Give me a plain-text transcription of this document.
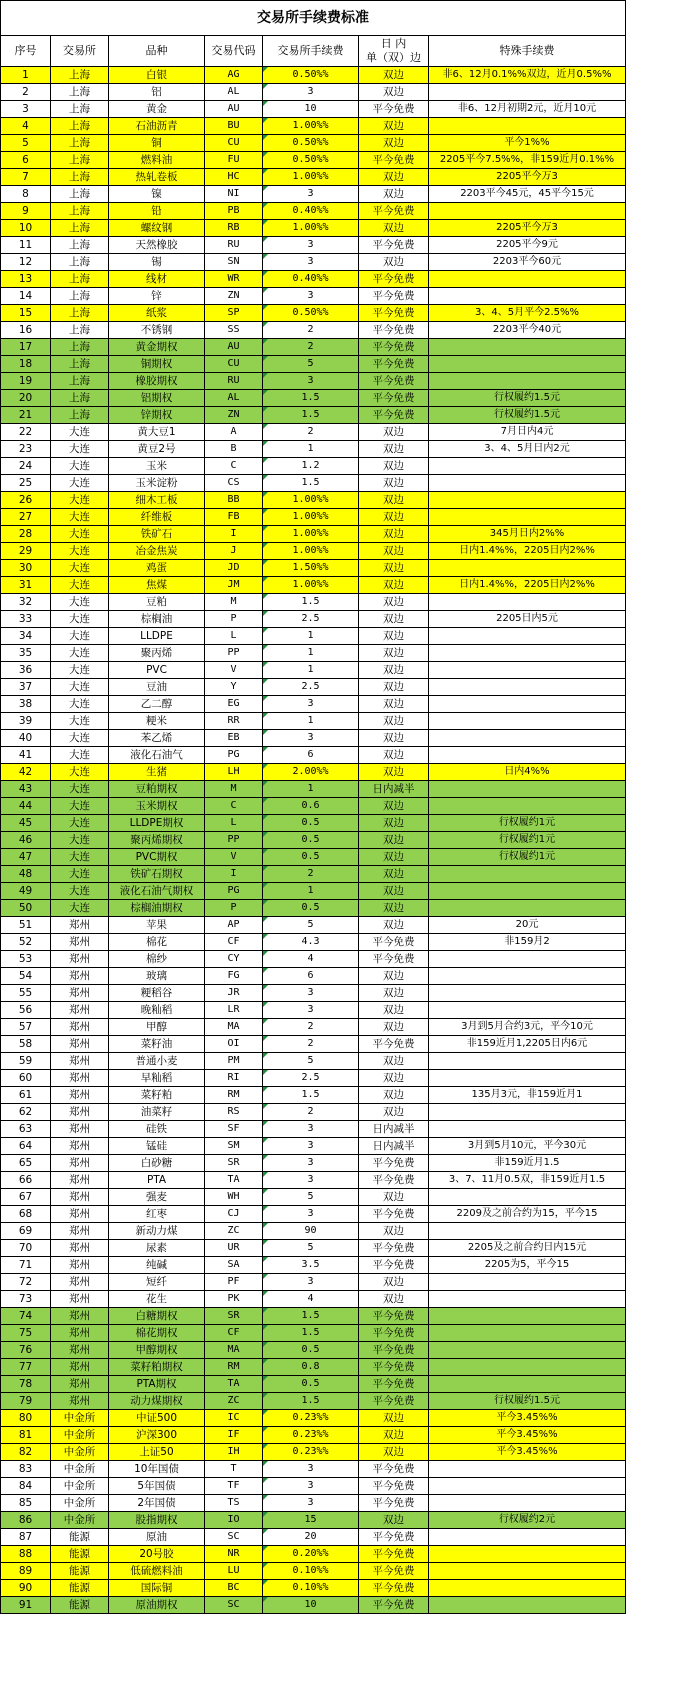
交易所手续费标准						
序号	交易所	品种	交易代码	交易所手续费	日 内
单（双）边	特殊手续费
1	上海	白银	AG	0.50%%	双边	非6、12月0.1%%双边，近月0.5%%
2	上海	铝	AL	3	双边	
3	上海	黄金	AU	10	平今免费	非6、12月初期2元，近月10元
4	上海	石油沥青	BU	1.00%%	双边	
5	上海	铜	CU	0.50%%	双边	平今1%%
6	上海	燃料油	FU	0.50%%	平今免费	2205平今7.5%%，非159近月0.1%%
7	上海	热轧卷板	HC	1.00%%	双边	2205平今万3
8	上海	镍	NI	3	双边	2203平今45元，45平今15元
9	上海	铅	PB	0.40%%	平今免费	
10	上海	螺纹钢	RB	1.00%%	双边	2205平今万3
11	上海	天然橡胶	RU	3	平今免费	2205平今9元
12	上海	锡	SN	3	双边	2203平今60元
13	上海	线材	WR	0.40%%	平今免费	
14	上海	锌	ZN	3	平今免费	
15	上海	纸浆	SP	0.50%%	平今免费	3、4、5月平今2.5%%
16	上海	不锈钢	SS	2	平今免费	2203平今40元
17	上海	黄金期权	AU	2	平今免费	
18	上海	铜期权	CU	5	平今免费	
19	上海	橡胶期权	RU	3	平今免费	
20	上海	铝期权	AL	1.5	平今免费	行权履约1.5元
21	上海	锌期权	ZN	1.5	平今免费	行权履约1.5元
22	大连	黄大豆1	A	2	双边	7月日内4元
23	大连	黄豆2号	B	1	双边	3、4、5月日内2元
24	大连	玉米	C	1.2	双边	
25	大连	玉米淀粉	CS	1.5	双边	
26	大连	细木工板	BB	1.00%%	双边	
27	大连	纤维板	FB	1.00%%	双边	
28	大连	铁矿石	I	1.00%%	双边	345月日内2%%
29	大连	冶金焦炭	J	1.00%%	双边	日内1.4%%，2205日内2%%
30	大连	鸡蛋	JD	1.50%%	双边	
31	大连	焦煤	JM	1.00%%	双边	日内1.4%%，2205日内2%%
32	大连	豆粕	M	1.5	双边	
33	大连	棕榈油	P	2.5	双边	2205日内5元
34	大连	LLDPE	L	1	双边	
35	大连	聚丙烯	PP	1	双边	
36	大连	PVC	V	1	双边	
37	大连	豆油	Y	2.5	双边	
38	大连	乙二醇	EG	3	双边	
39	大连	粳米	RR	1	双边	
40	大连	苯乙烯	EB	3	双边	
41	大连	液化石油气	PG	6	双边	
42	大连	生猪	LH	2.00%%	双边	日内4%%
43	大连	豆粕期权	M	1	日内减半	
44	大连	玉米期权	C	0.6	双边	
45	大连	LLDPE期权	L	0.5	双边	行权履约1元
46	大连	聚丙烯期权	PP	0.5	双边	行权履约1元
47	大连	PVC期权	V	0.5	双边	行权履约1元
48	大连	铁矿石期权	I	2	双边	
49	大连	液化石油气期权	PG	1	双边	
50	大连	棕榈油期权	P	0.5	双边	
51	郑州	苹果	AP	5	双边	20元
52	郑州	棉花	CF	4.3	平今免费	非159月2
53	郑州	棉纱	CY	4	平今免费	
54	郑州	玻璃	FG	6	双边	
55	郑州	粳稻谷	JR	3	双边	
56	郑州	晚籼稻	LR	3	双边	
57	郑州	甲醇	MA	2	双边	3月到5月合约3元，平今10元
58	郑州	菜籽油	OI	2	平今免费	非159近月1,2205日内6元
59	郑州	普通小麦	PM	5	双边	
60	郑州	早籼稻	RI	2.5	双边	
61	郑州	菜籽粕	RM	1.5	双边	135月3元，非159近月1
62	郑州	油菜籽	RS	2	双边	
63	郑州	硅铁	SF	3	日内减半	
64	郑州	锰硅	SM	3	日内减半	3月到5月10元，平今30元
65	郑州	白砂糖	SR	3	平今免费	非159近月1.5
66	郑州	PTA	TA	3	平今免费	3、7、11月0.5双，非159近月1.5
67	郑州	强麦	WH	5	双边	
68	郑州	红枣	CJ	3	平今免费	2209及之前合约为15，平今15
69	郑州	新动力煤	ZC	90	双边	
70	郑州	尿素	UR	5	平今免费	2205及之前合约日内15元
71	郑州	纯碱	SA	3.5	平今免费	2205为5，平今15
72	郑州	短纤	PF	3	双边	
73	郑州	花生	PK	4	双边	
74	郑州	白糖期权	SR	1.5	平今免费	
75	郑州	棉花期权	CF	1.5	平今免费	
76	郑州	甲醇期权	MA	0.5	平今免费	
77	郑州	菜籽粕期权	RM	0.8	平今免费	
78	郑州	PTA期权	TA	0.5	平今免费	
79	郑州	动力煤期权	ZC	1.5	平今免费	行权履约1.5元
80	中金所	中证500	IC	0.23%%	双边	平今3.45%%
81	中金所	沪深300	IF	0.23%%	双边	平今3.45%%
82	中金所	上证50	IH	0.23%%	双边	平今3.45%%
83	中金所	10年国债	T	3	平今免费	
84	中金所	5年国债	TF	3	平今免费	
85	中金所	2年国债	TS	3	平今免费	
86	中金所	股指期权	IO	15	双边	行权履约2元
87	能源	原油	SC	20	平今免费	
88	能源	20号胶	NR	0.20%%	平今免费	
89	能源	低硫燃料油	LU	0.10%%	平今免费	
90	能源	国际铜	BC	0.10%%	平今免费	
91	能源	原油期权	SC	10	平今免费	
